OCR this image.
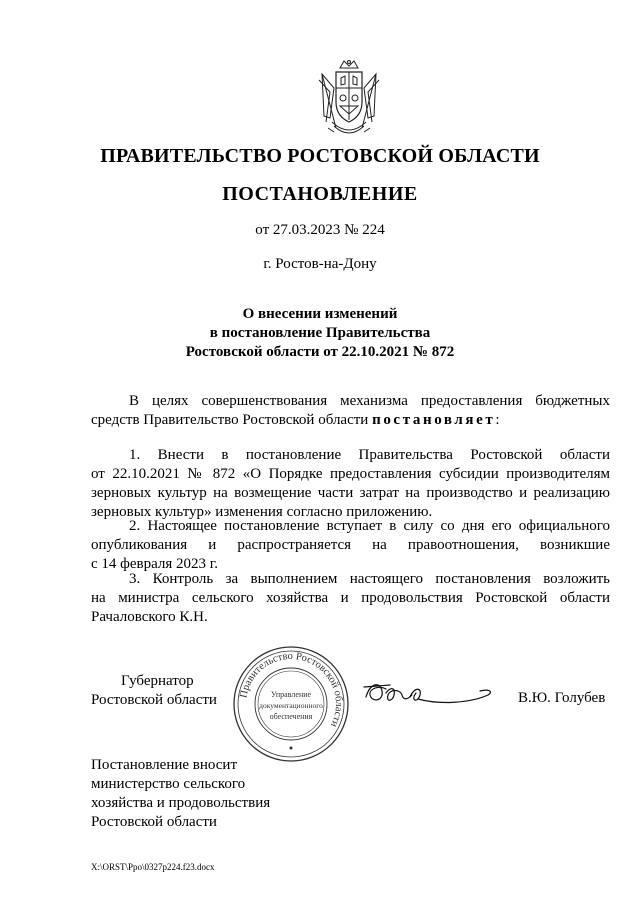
ПРАВИТЕЛЬСТВО РОСТОВСКОЙ ОБЛАСТИ
ПОСТАНОВЛЕНИЕ
от 27.03.2023 № 224
г. Ростов-на-Дону
О внесении изменений
в постановление Правительства
Ростовской области от 22.10.2021 № 872
В целях совершенствования механизма предоставления бюджетных
средств Правительство Ростовской области постановляет:
1. Внести в постановление Правительства Ростовской области
от 22.10.2021 № 872 «О Порядке предоставления субсидии производителям
зерновых культур на возмещение части затрат на производство и реализацию
зерновых культур» изменения согласно приложению.
2. Настоящее постановление вступает в силу со дня его официального
опубликования и распространяется на правоотношения, возникшие
с 14 февраля 2023 г.
3. Контроль за выполнением настоящего постановления возложить
на министра сельского хозяйства и продовольствия Ростовской области
Рачаловского К.Н.
Губернатор
Ростовской области Правительство Ростовской области
Управление
документационного
обеспечения
В.Ю. Голубев
Постановление вносит
министерство сельского
хозяйства и продовольствия
Ростовской области
X:\ORST\Ppo\0327p224.f23.docx
